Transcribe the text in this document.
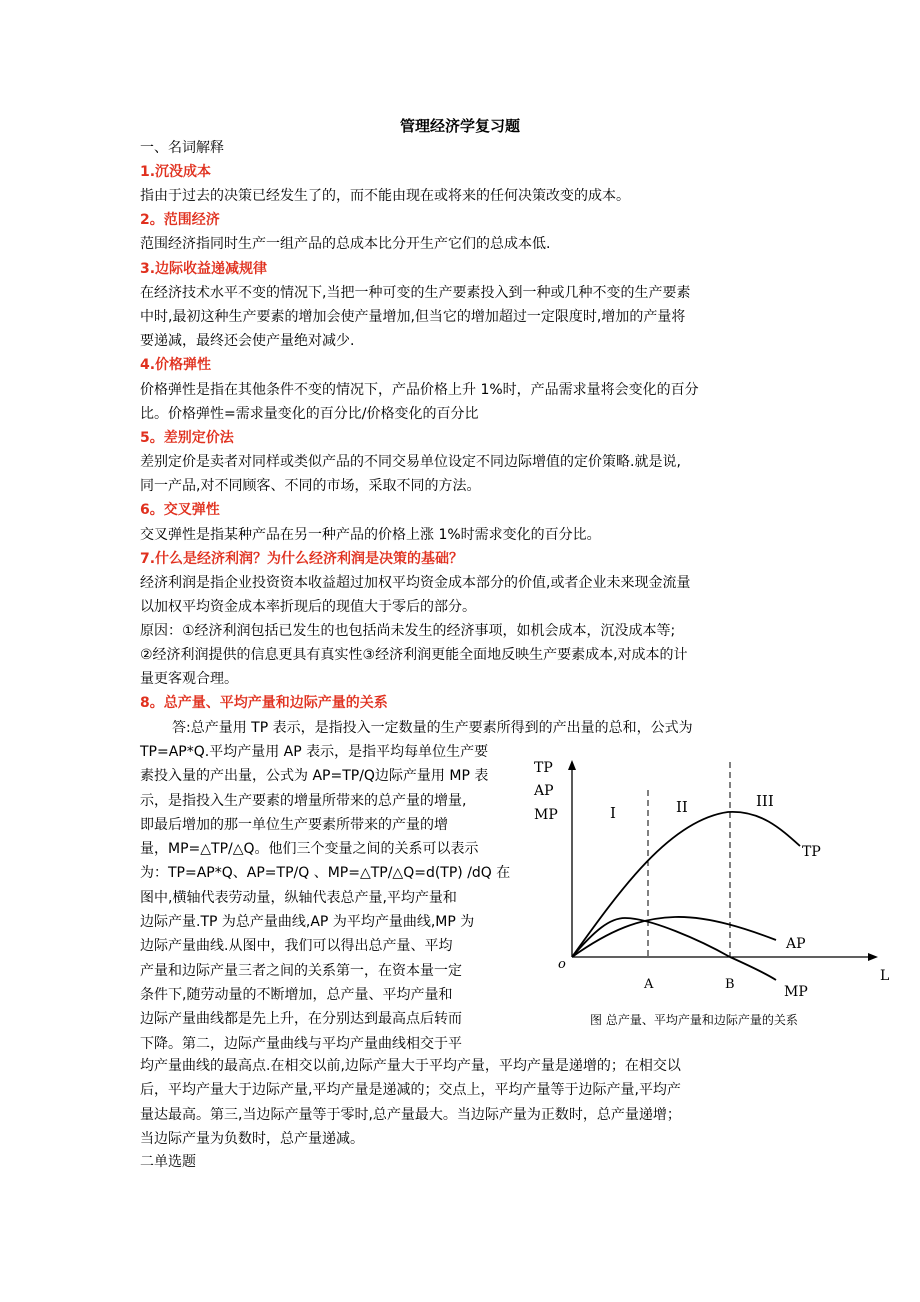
管理经济学复习题
一、名词解释
1.沉没成本
指由于过去的决策已经发生了的，而不能由现在或将来的任何决策改变的成本。
2。范围经济
范围经济指同时生产一组产品的总成本比分开生产它们的总成本低.
3.边际收益递减规律
在经济技术水平不变的情况下,当把一种可变的生产要素投入到一种或几种不变的生产要素
中时,最初这种生产要素的增加会使产量增加,但当它的增加超过一定限度时,增加的产量将
要递减，最终还会使产量绝对减少.
4.价格弹性
价格弹性是指在其他条件不变的情况下，产品价格上升 1%时，产品需求量将会变化的百分
比。价格弹性=需求量变化的百分比/价格变化的百分比
5。差别定价法
差别定价是卖者对同样或类似产品的不同交易单位设定不同边际增值的定价策略.就是说,
同一产品,对不同顾客、不同的市场，采取不同的方法。
6。交叉弹性
交叉弹性是指某种产品在另一种产品的价格上涨 1%时需求变化的百分比。
7.什么是经济利润？为什么经济利润是决策的基础？
经济利润是指企业投资资本收益超过加权平均资金成本部分的价值,或者企业未来现金流量
以加权平均资金成本率折现后的现值大于零后的部分。
原因：①经济利润包括已发生的也包括尚未发生的经济事项，如机会成本，沉没成本等;
②经济利润提供的信息更具有真实性③经济利润更能全面地反映生产要素成本,对成本的计
量更客观合理。
8。总产量、平均产量和边际产量的关系
答:总产量用 TP 表示，是指投入一定数量的生产要素所得到的产出量的总和，公式为
TP=AP*Q.平均产量用 AP 表示，是指平均每单位生产要
素投入量的产出量，公式为 AP=TP/Q边际产量用 MP 表
示，是指投入生产要素的增量所带来的总产量的增量,
即最后增加的那一单位生产要素所带来的产量的增
量，MP=△TP/△Q。他们三个变量之间的关系可以表示
为：TP=AP*Q、AP=TP/Q 、MP=△TP/△Q=d(TP) /dQ 在
图中,横轴代表劳动量，纵轴代表总产量,平均产量和
边际产量.TP 为总产量曲线,AP 为平均产量曲线,MP 为
边际产量曲线.从图中，我们可以得出总产量、平均
产量和边际产量三者之间的关系第一，在资本量一定
条件下,随劳动量的不断增加，总产量、平均产量和
边际产量曲线都是先上升，在分别达到最高点后转而
下降。第二，边际产量曲线与平均产量曲线相交于平
均产量曲线的最高点.在相交以前,边际产量大于平均产量，平均产量是递增的；在相交以
后，平均产量大于边际产量,平均产量是递减的；交点上，平均产量等于边际产量,平均产
量达最高。第三,当边际产量等于零时,总产量最大。当边际产量为正数时，总产量递增；
当边际产量为负数时，总产量递减。
二单选题
TP
AP
MP	I	II	III
TP
AP
MP
o
L
A	B
图 总产量、平均产量和边际产量的关系
